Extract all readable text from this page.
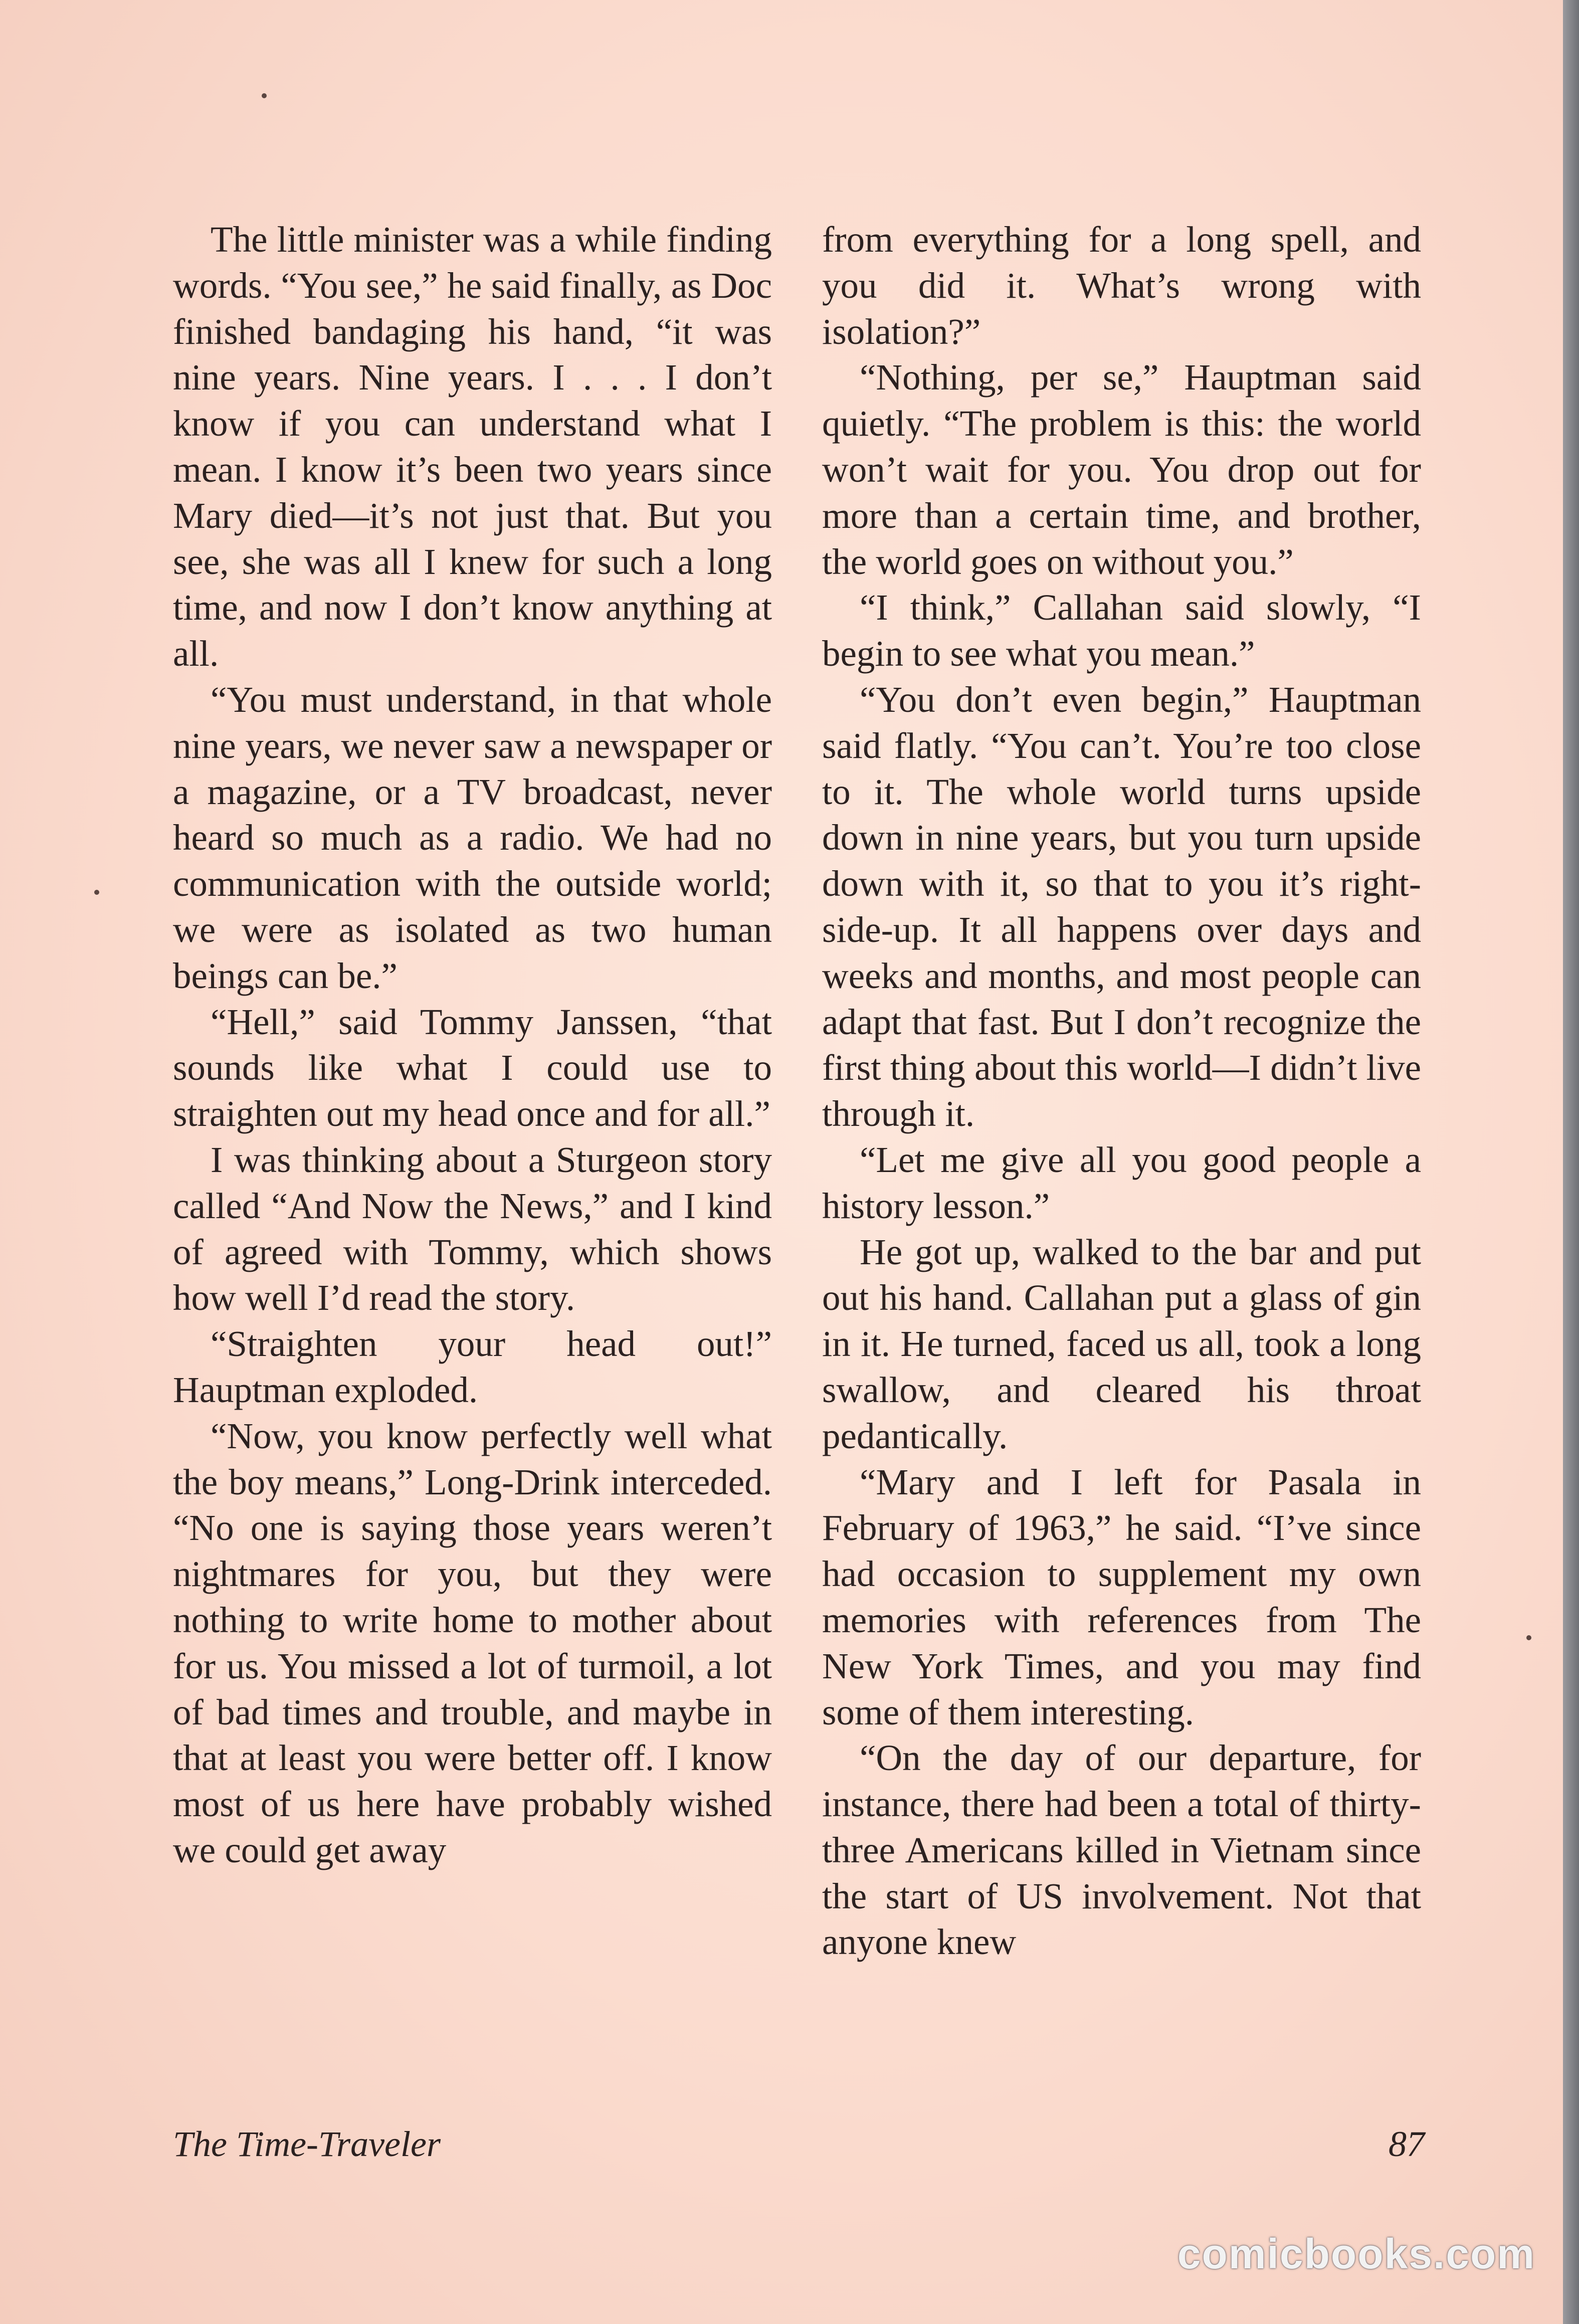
The little minister was a while finding words. “You see,” he said finally, as Doc finished bandaging his hand, “it was nine years. Nine years. I . . . I don’t know if you can understand what I mean. I know it’s been two years since Mary died—it’s not just that. But you see, she was all I knew for such a long time, and now I don’t know anything at all.

“You must understand, in that whole nine years, we never saw a newspaper or a magazine, or a TV broadcast, never heard so much as a radio. We had no communication with the outside world; we were as isolated as two human beings can be.”

“Hell,” said Tommy Janssen, “that sounds like what I could use to straighten out my head once and for all.”

I was thinking about a Sturgeon story called “And Now the News,” and I kind of agreed with Tommy, which shows how well I’d read the story.

“Straighten your head out!” Hauptman exploded.

“Now, you know perfectly well what the boy means,” Long-Drink interceded. “No one is saying those years weren’t nightmares for you, but they were nothing to write home to mother about for us. You missed a lot of turmoil, a lot of bad times and trouble, and maybe in that at least you were better off. I know most of us here have probably wished we could get away

from everything for a long spell, and you did it. What’s wrong with isolation?”

“Nothing, per se,” Hauptman said quietly. “The problem is this: the world won’t wait for you. You drop out for more than a certain time, and brother, the world goes on without you.”

“I think,” Callahan said slowly, “I begin to see what you mean.”

“You don’t even begin,” Hauptman said flatly. “You can’t. You’re too close to it. The whole world turns upside down in nine years, but you turn upside down with it, so that to you it’s right-side-up. It all happens over days and weeks and months, and most people can adapt that fast. But I don’t recognize the first thing about this world—I didn’t live through it.

“Let me give all you good people a history lesson.”

He got up, walked to the bar and put out his hand. Callahan put a glass of gin in it. He turned, faced us all, took a long swallow, and cleared his throat pedantically.

“Mary and I left for Pasala in February of 1963,” he said. “I’ve since had occasion to supplement my own memories with references from The New York Times, and you may find some of them interesting.

“On the day of our departure, for instance, there had been a total of thirty-three Americans killed in Vietnam since the start of US involvement. Not that anyone knew

The Time-Traveler	87
comicbooks.com
